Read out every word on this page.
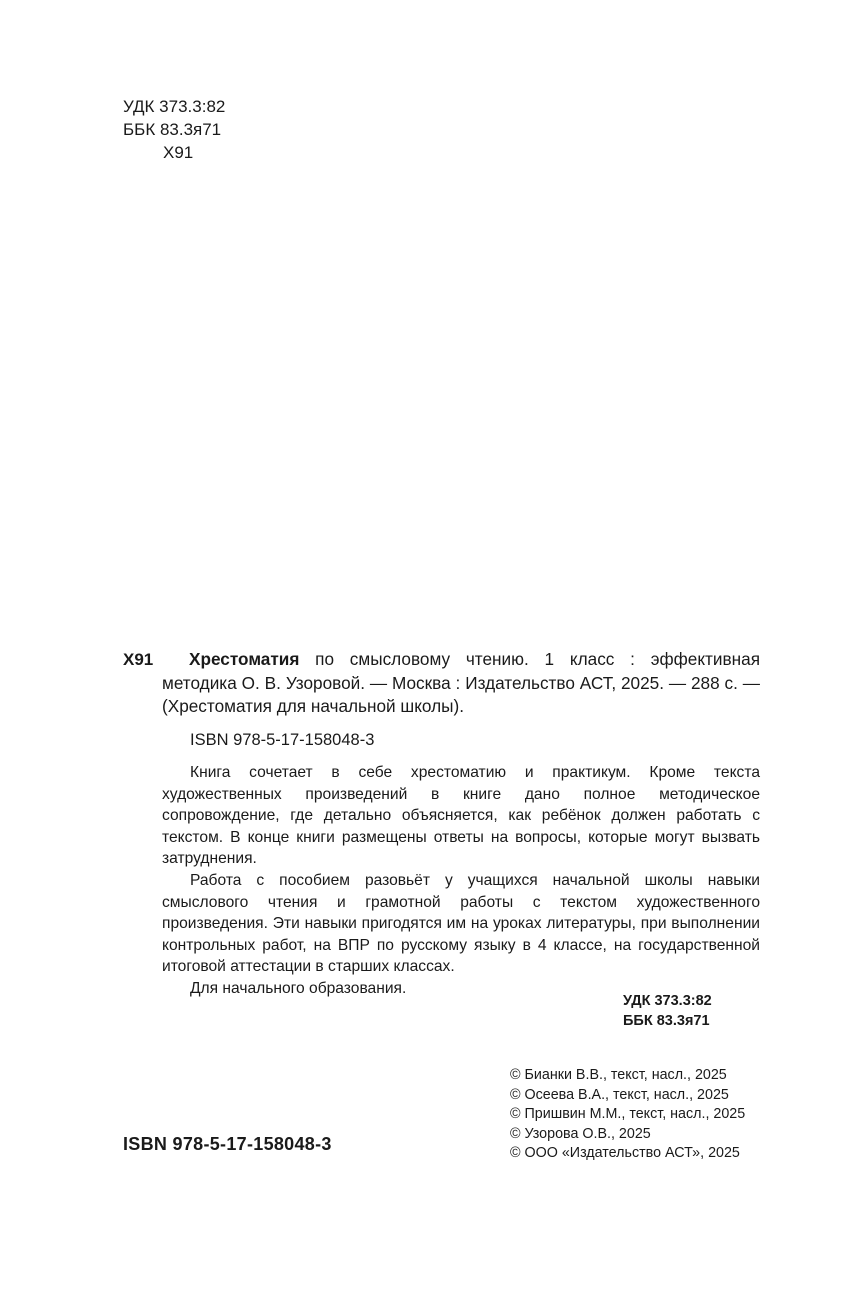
УДК 373.3:82
ББК 83.3я71
Х91
Х91	Хрестоматия по смысловому чтению. 1 класс : эффективная методика О. В. Узоровой. — Москва : Издательство АСТ, 2025. — 288 с. — (Хрестоматия для начальной школы).
ISBN 978-5-17-158048-3

Книга сочетает в себе хрестоматию и практикум. Кроме текста художественных произведений в книге дано полное методическое сопровождение, где детально объясняется, как ребёнок должен работать с текстом. В конце книги размещены ответы на вопросы, которые могут вызвать затруднения.

Работа с пособием разовьёт у учащихся начальной школы навыки смыслового чтения и грамотной работы с текстом художественного произведения. Эти навыки пригодятся им на уроках литературы, при выполнении контрольных работ, на ВПР по русскому языку в 4 классе, на государственной итоговой аттестации в старших классах.

Для начального образования.

УДК 373.3:82
ББК 83.3я71
© Бианки В.В., текст, насл., 2025
© Осеева В.А., текст, насл., 2025
© Пришвин М.М., текст, насл., 2025
© Узорова О.В., 2025
© ООО «Издательство АСТ», 2025
ISBN 978-5-17-158048-3
